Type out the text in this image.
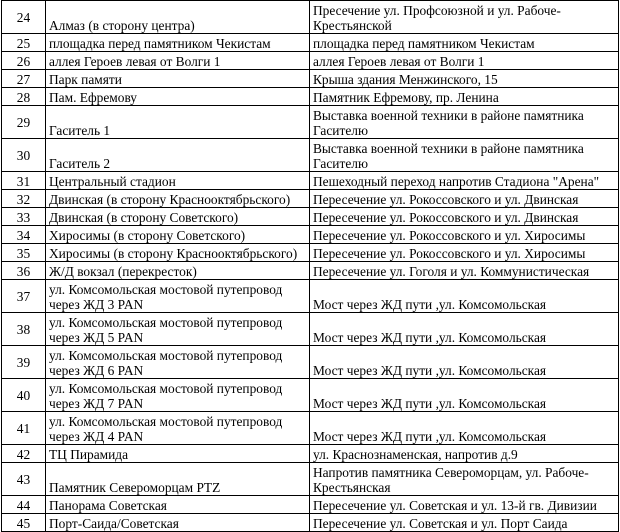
24	Алмаз (в сторону центра)	Пресечение ул. Профсоюзной и ул. Рабоче-Крестьянской
25	площадка перед памятником Чекистам	площадка перед памятником Чекистам
26	аллея Героев левая от Волги 1	аллея Героев левая от Волги 1
27	Парк памяти	Крыша здания Менжинского, 15
28	Пам. Ефремову	Памятник Ефремову, пр. Ленина
29	Гаситель 1	Выставка военной техники в районе памятника Гасителю
30	Гаситель 2	Выставка военной техники в районе памятника Гасителю
31	Центральный стадион	Пешеходный переход напротив Стадиона "Арена"
32	Двинская (в сторону Краснооктябрьского)	Пересечение ул. Рокоссовского и ул. Двинская
33	Двинская (в сторону Советского)	Пересечение ул. Рокоссовского и ул. Двинская
34	Хиросимы (в сторону Советского)	Пересечение ул. Рокоссовского и ул. Хиросимы
35	Хиросимы (в сторону Краснооктябрьского)	Пересечение ул. Рокоссовского и ул. Хиросимы
36	Ж/Д вокзал (перекресток)	Пересечение ул. Гоголя и ул. Коммунистическая
37	ул. Комсомольская мостовой путепровод через ЖД 3 PAN	Мост через ЖД пути ,ул. Комсомольская
38	ул. Комсомольская мостовой путепровод через ЖД 5 PAN	Мост через ЖД пути ,ул. Комсомольская
39	ул. Комсомольская мостовой путепровод через ЖД 6 PAN	Мост через ЖД пути ,ул. Комсомольская
40	ул. Комсомольская мостовой путепровод через ЖД 7 PAN	Мост через ЖД пути ,ул. Комсомольская
41	ул. Комсомольская мостовой путепровод через ЖД 4 PAN	Мост через ЖД пути ,ул. Комсомольская
42	ТЦ Пирамида	ул. Краснознаменская, напротив д.9
43	Памятник Североморцам PTZ	Напротив памятника Североморцам, ул. Рабоче-Крестьянская
44	Панорама Советская	Пересечение ул. Советская и ул. 13-й гв. Дивизии
45	Порт-Саида/Советская	Пересечение ул. Советская и ул. Порт Саида
